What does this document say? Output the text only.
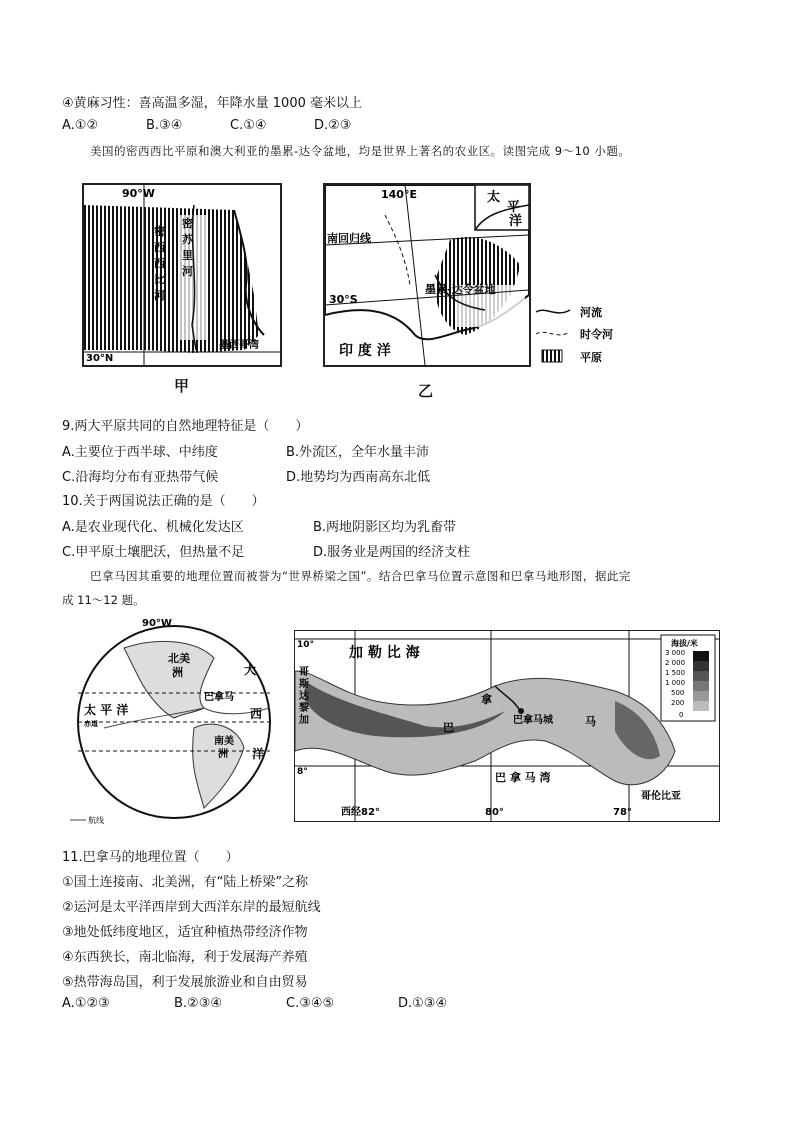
④黄麻习性：喜高温多湿，年降水量 1000 毫米以上
A.①②	B.③④	C.①④	D.②③
美国的密西西比平原和澳大利亚的墨累-达令盆地，均是世界上著名的农业区。读图完成 9～10 小题。
90°W
30°N
墨西哥湾
密
西
西
比
河
密
苏
里
河
甲
140°E
南回归线
30°S
太
平
洋
墨累-达令盆地
印 度 洋
乙
河流
时令河
平原
9.两大平原共同的自然地理特征是（　　）
A.主要位于西半球、中纬度	B.外流区，全年水量丰沛
C.沿海均分布有亚热带气候	D.地势均为西南高东北低
10.关于两国说法正确的是（　　）
A.是农业现代化、机械化发达区	B.两地阴影区均为乳畜带
C.甲平原土壤肥沃，但热量不足	D.服务业是两国的经济支柱
巴拿马因其重要的地理位置而被誉为“世界桥梁之国”。结合巴拿马位置示意图和巴拿马地形图，据此完
成 11～12 题。
90°W
北美
洲
巴拿马
太 平 洋
赤道
南美
洲
大
西
洋
航线
10°
8°
西经82°	80°	78°
加 勒 比 海
哥
斯
达
黎
加
巴
拿
马
巴拿马城
巴 拿 马 湾
哥伦比亚
海拔/米
3 000
2 000
1 500
1 000
500
200
0
11.巴拿马的地理位置（　　）
①国土连接南、北美洲，有“陆上桥梁”之称
②运河是太平洋西岸到大西洋东岸的最短航线
③地处低纬度地区，适宜种植热带经济作物
④东西狭长，南北临海，利于发展海产养殖
⑤热带海岛国，利于发展旅游业和自由贸易
A.①②③	B.②③④	C.③④⑤	D.①③④
